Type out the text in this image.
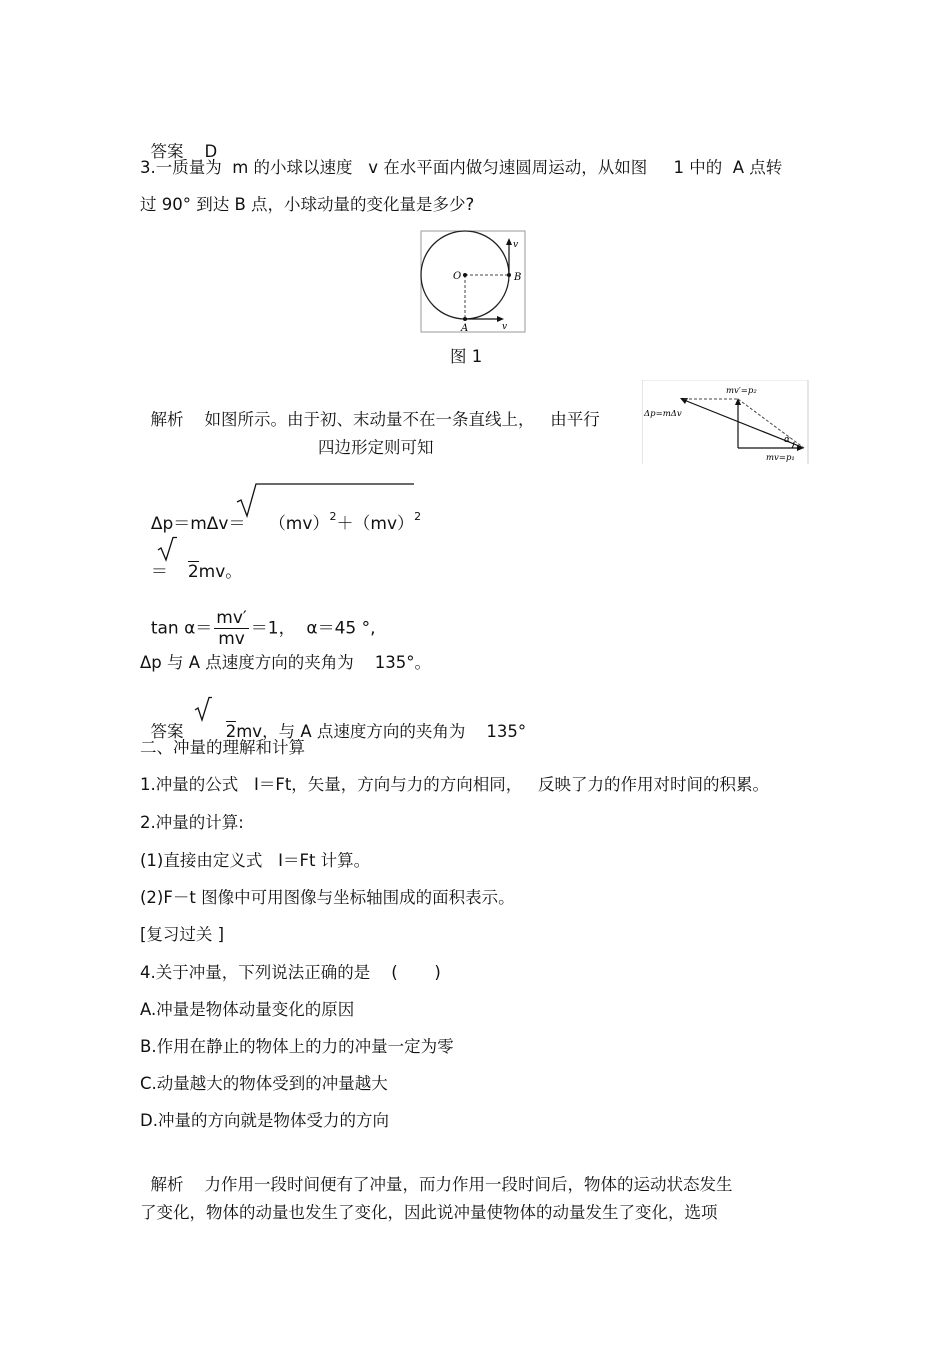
答案 D

3.一质量为  m 的小球以速度   v 在水平面内做匀速圆周运动，从如图     1 中的  A 点转
过 90° 到达 B 点，小球动量的变化量是多少?
O	B
A
v
v
图 1

解析 如图所示。由于初、末动量不在一条直线上，   由平行

四边形定则可知
mv′=p₂
Δp=mΔv
α
mv=p₁

Δp＝mΔv＝	（mv）$^2$＋（mv）$^2$

＝ 2mv。

$\tan \alpha= \frac{mv'}{mv} =1$，  α＝45 °,

Δp 与 A 点速度方向的夹角为    135°。

答案	2mv，与 A 点速度方向的夹角为    135°

二、冲量的理解和计算
1.冲量的公式   I＝Ft，矢量，方向与力的方向相同，   反映了力的作用对时间的积累。
2.冲量的计算:
(1)直接由定义式   I＝Ft 计算。
(2)F－t 图像中可用图像与坐标轴围成的面积表示。
[复习过关 ]
4.关于冲量，下列说法正确的是    (       )
A.冲量是物体动量变化的原因
B.作用在静止的物体上的力的冲量一定为零
C.动量越大的物体受到的冲量越大
D.冲量的方向就是物体受力的方向

解析 力作用一段时间便有了冲量，而力作用一段时间后，物体的运动状态发生

了变化，物体的动量也发生了变化，因此说冲量使物体的动量发生了变化，选项
